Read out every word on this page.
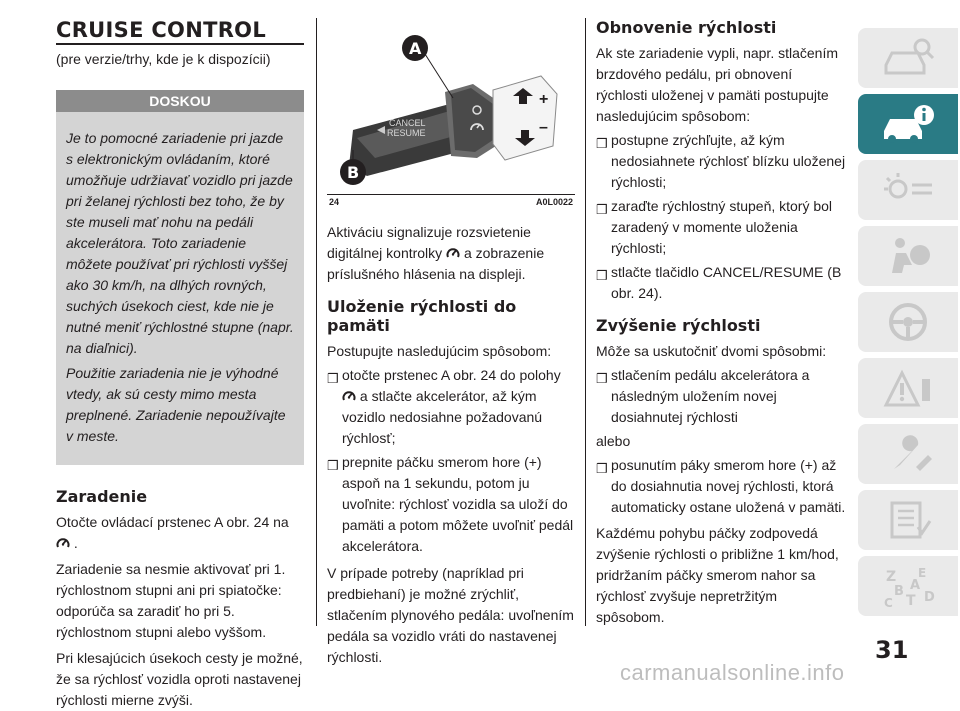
CRUISE CONTROL
(pre verzie/trhy, kde je k dispozícii)
DOSKOU

Je to pomocné zariadenie pri jazde s elektronickým ovládaním, ktoré umožňuje udržiavať vozidlo pri jazde pri želanej rýchlosti bez toho, že by ste museli mať nohu na pedáli akcelerátora. Toto zariadenie môžete používať pri rýchlosti vyššej ako 30 km/h, na dlhých rovných, suchých úsekoch ciest, kde nie je nutné meniť rýchlostné stupne (napr. na diaľnici).

Použitie zariadenia nie je výhodné vtedy, ak sú cesty mimo mesta preplnené. Zariadenie nepoužívajte v meste.

Zaradenie
Otočte ovládací prstenec A obr. 24 na
.
Zariadenie sa nesmie aktivovať pri 1. rýchlostnom stupni ani pri spiatočke: odporúča sa zaradiť ho pri 5. rýchlostnom stupni alebo vyššom.
Pri klesajúcich úsekoch cesty je možné, že sa rýchlosť vozidla oproti nastavenej rýchlosti mierne zvýši.
+
–
CANCEL
RESUME
A
B
24	A0L0022
Aktiváciu signalizuje rozsvietenie digitálnej kontrolky a zobrazenie príslušného hlásenia na displeji.
Uloženie rýchlosti do pamäti
Postupujte nasledujúcim spôsobom:
❒ otočte prstenec A obr. 24 do polohy
a stlačte akcelerátor, až kým vozidlo nedosiahne požadovanú rýchlosť;
❒ prepnite páčku smerom hore (+) aspoň na 1 sekundu, potom ju uvoľnite: rýchlosť vozidla sa uloží do pamäti a potom môžete uvoľniť pedál akcelerátora.
V prípade potreby (napríklad pri predbiehaní) je možné zrýchliť, stlačením plynového pedála: uvoľnením pedála sa vozidlo vráti do nastavenej rýchlosti.
Obnovenie rýchlosti
Ak ste zariadenie vypli, napr. stlačením brzdového pedálu, pri obnovení rýchlosti uloženej v pamäti postupujte nasledujúcim spôsobom:
❒ postupne zrýchľujte, až kým nedosiahnete rýchlosť blízku uloženej rýchlosti;
❒ zaraďte rýchlostný stupeň, ktorý bol zaradený v momente uloženia rýchlosti;
❒ stlačte tlačidlo CANCEL/RESUME (B obr. 24).
Zvýšenie rýchlosti
Môže sa uskutočniť dvomi spôsobmi:
❒ stlačením pedálu akcelerátora a následným uložením novej dosiahnutej rýchlosti
alebo
❒ posunutím páky smerom hore (+) až do dosiahnutia novej rýchlosti, ktorá automaticky ostane uložená v pamäti.
Každému pohybu páčky zodpovedá zvýšenie rýchlosti o približne 1 km/hod, pridržaním páčky smerom nahor sa rýchlosť zvyšuje nepretržitým spôsobom.
Z E
B
C T
A
D
31
carmanualsonline.info
